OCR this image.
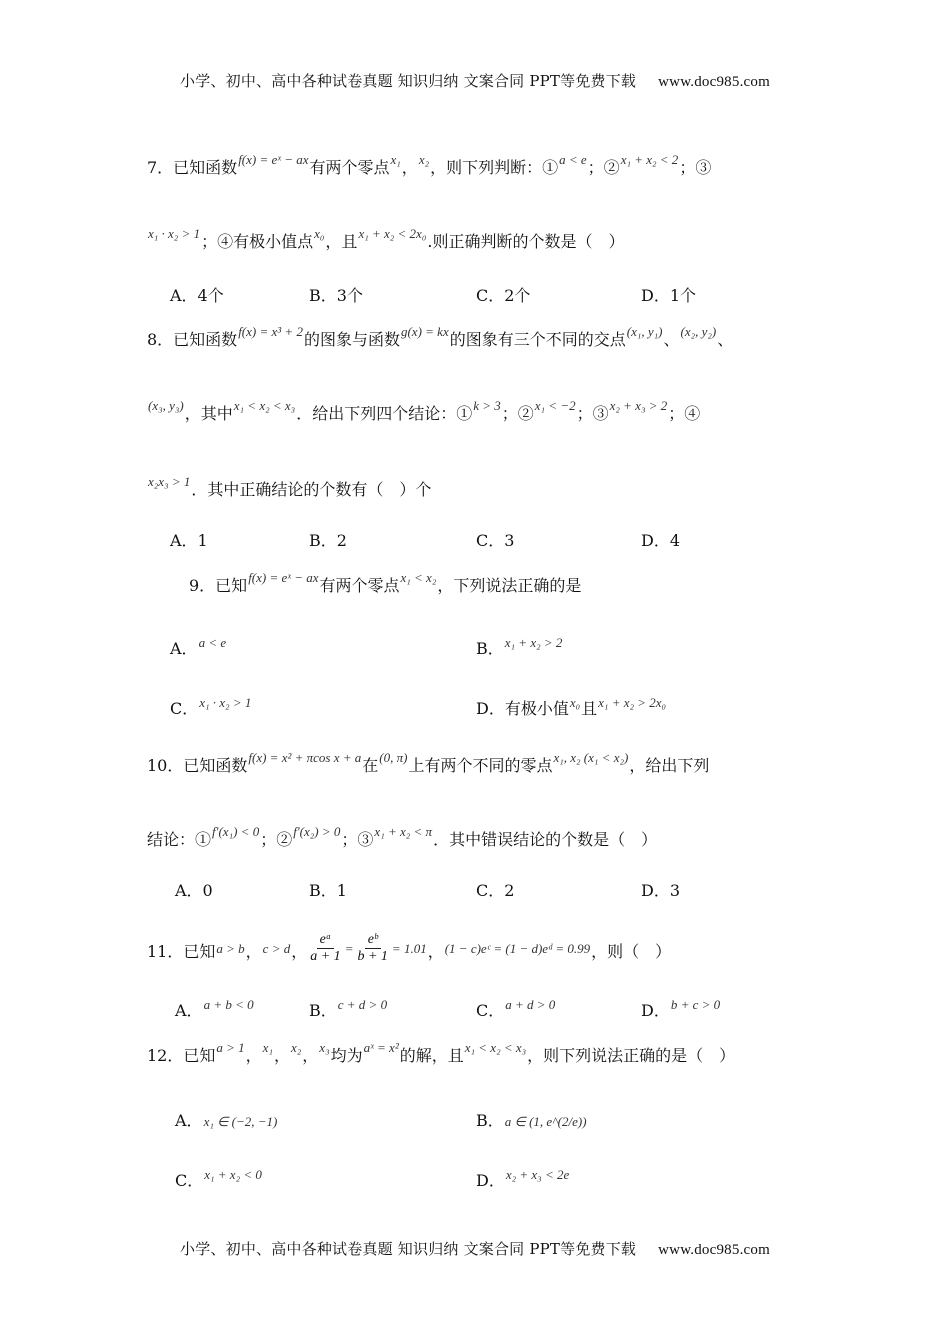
小学、初中、高中各种试卷真题 知识归纳 文案合同 PPT等免费下载 www.doc985.com
7．已知函数$^{f(x) = eˣ - ax}$有两个零点$^{x_1}$，$^{x_2}$，则下列判断：①$^{a < e}$；②$^{x_1 + x_2 < 2}$；③
$^{x_1 \cdot x_2 > 1}$；④有极小值点$^{x_0}$，且$^{x_1 + x_2 < 2x_0}$.则正确判断的个数是（　）
A．4个	B．3个	C．2个	D．1个
8．已知函数$^{f(x) = x^3 + 2}$的图象与函数$^{g(x) = kx}$的图象有三个不同的交点$^{(x_1, y_1)}$、$^{(x_2, y_2)}$、
$^{(x_3, y_3)}$，其中$^{x_1 < x_2 < x_3}$．给出下列四个结论：①$^{k > 3}$；②$^{x_1 < -2}$；③$^{x_2 + x_3 > 2}$；④
$^{x_2x_3 > 1}$．其中正确结论的个数有（　）个
A．1	B．2	C．3	D．4
9．已知$^{f(x) = eˣ - ax}$有两个零点$^{x_1 < x_2}$，下列说法正确的是
A．$^{a < e}$	B．$^{x_1 + x_2 > 2}$
C．$^{x_1 \cdot x_2 > 1}$	D．有极小值$^{x_0}$且$^{x_1 + x_2 > 2x_0}$
10．已知函数$^{f(x) = x^2 + \pi cos x + a}$在$^{(0, \pi)}$上有两个不同的零点$^{x_1, x_2 (x_1 < x_2)}$，给出下列
结论：①$^{f'(x_1) < 0}$；②$^{f'(x_2) > 0}$；③$^{x_1 + x_2 < \pi}$．其中错误结论的个数是（　）
A．0	B．1	C．2	D．3
11．已知$^{a > b}$，$^{c > d}$， $\frac{\text{eᵃ}}{a + 1} ^= \frac{\text{eᵇ}}{b + 1} ^{= 1.01}$，$^{(1 - c)eᶜ = (1 - d)eᵈ = 0.99}$，则（　）
A．$^{a + b < 0}$	B．$^{c + d > 0}$	C．$^{a + d > 0}$	D．$^{b + c > 0}$
12．已知$^{a > 1}$，$^{x_1}$，$^{x_2}$，$^{x_3}$均为$^{aˣ = x^2}$的解，且$^{x_1 < x_2 < x_3}$，则下列说法正确的是（　）
A．x₁ ∈ (−2, −1)	B．a ∈ (1, e^(2/e))
C．$^{x_1 + x_2 < 0}$	D．$^{x_2 + x_3 < 2e}$
小学、初中、高中各种试卷真题 知识归纳 文案合同 PPT等免费下载 www.doc985.com
